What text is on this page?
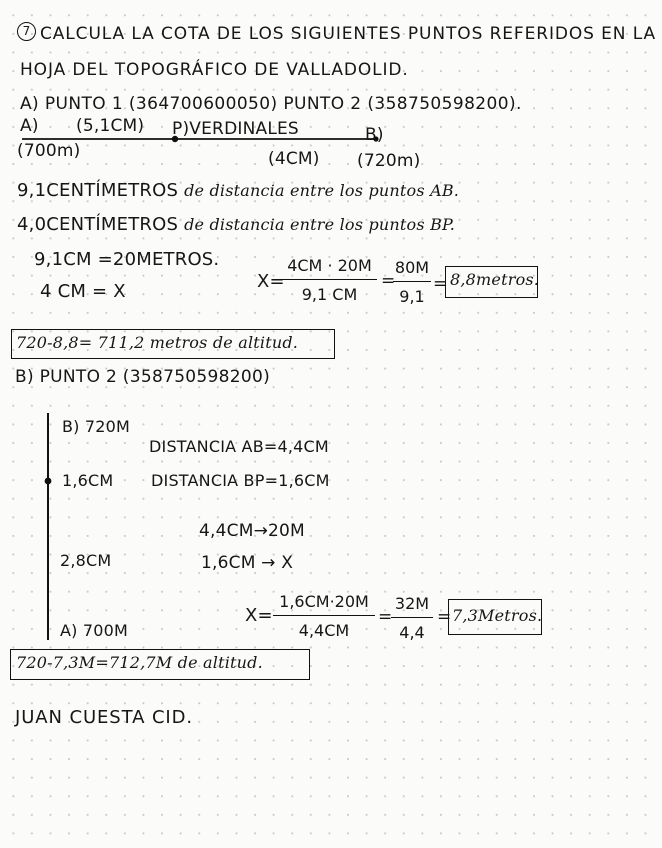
7 CALCULA LA COTA DE LOS SIGUIENTES PUNTOS REFERIDOS EN LA
HOJA DEL TOPOGRÁFICO DE VALLADOLID.
A) PUNTO 1 (364700600050) PUNTO 2 (358750598200).
A) (5,1CM) P)VERDINALES	B)
(700m)	(4CM) (720m)
9,1CENTÍMETROS de distancia entre los puntos AB.
4,0CENTÍMETROS de distancia entre los puntos BP.
9,1CM =20METROS.
4 CM = X	X=
4CM · 20M
9,1 CM
=
80M
9,1
= 8,8metros.
720-8,8= 711,2 metros de altitud.
B) PUNTO 2 (358750598200)
B) 720M
1,6CM
2,8CM
A) 700M
DISTANCIA AB=4,4CM
DISTANCIA BP=1,6CM
4,4CM→20M
1,6CM → X
X=
1,6CM·20M
4,4CM
=
32M
4,4
= 7,3Metros.
720-7,3M=712,7M de altitud.
JUAN CUESTA CID.
